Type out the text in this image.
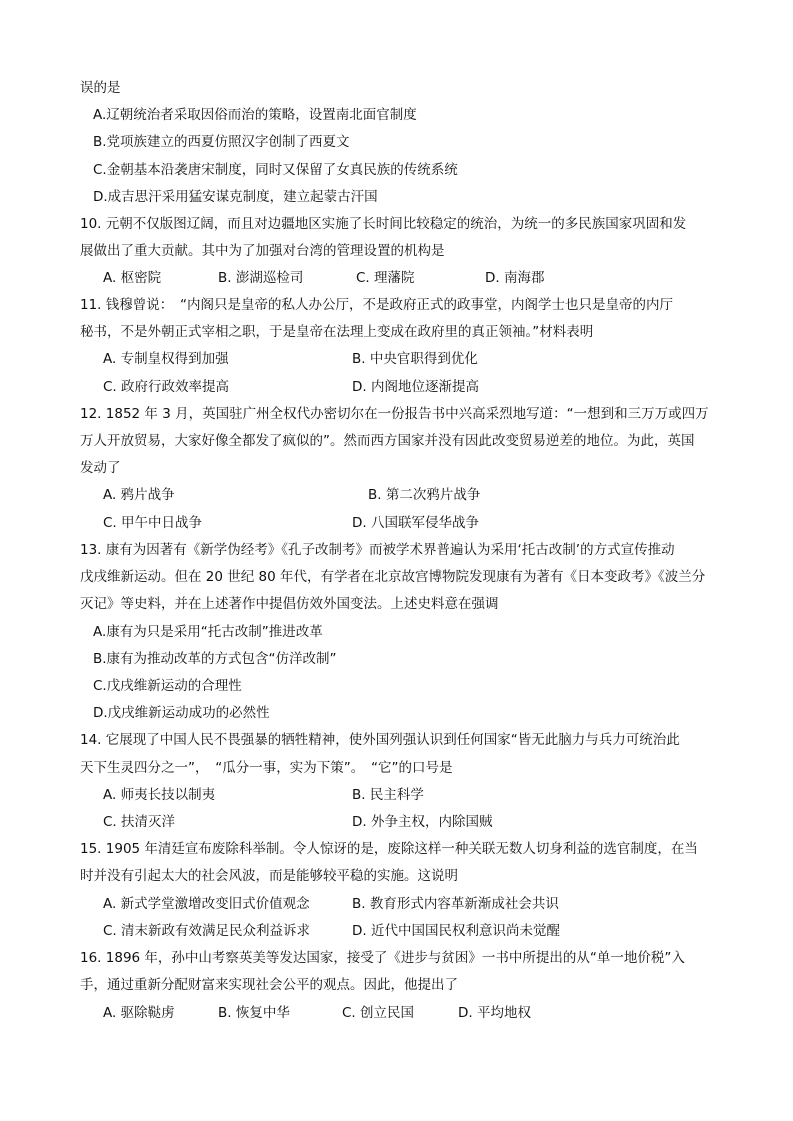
误的是
A.辽朝统治者采取因俗而治的策略，设置南北面官制度
B.党项族建立的西夏仿照汉字创制了西夏文
C.金朝基本沿袭唐宋制度，同时又保留了女真民族的传统系统
D.成吉思汗采用猛安谋克制度，建立起蒙古汗国
10. 元朝不仅版图辽阔，而且对边疆地区实施了长时间比较稳定的统治，为统一的多民族国家巩固和发
展做出了重大贡献。其中为了加强对台湾的管理设置的机构是
A. 枢密院	B. 澎湖巡检司	C. 理藩院	D. 南海郡
11. 钱穆曾说：　“内阁只是皇帝的私人办公厅，不是政府正式的政事堂，内阁学士也只是皇帝的内厅
秘书，不是外朝正式宰相之职，于是皇帝在法理上变成在政府里的真正领袖。”材料表明
A. 专制皇权得到加强	B. 中央官职得到优化
C. 政府行政效率提高	D. 内阁地位逐渐提高
12. 1852 年 3 月，英国驻广州全权代办密切尔在一份报告书中兴高采烈地写道：“一想到和三万万或四万
万人开放贸易，大家好像全都发了疯似的”。然而西方国家并没有因此改变贸易逆差的地位。为此，英国
发动了
A. 鸦片战争	B. 第二次鸦片战争
C. 甲午中日战争	D. 八国联军侵华战争
13. 康有为因著有《新学伪经考》《孔子改制考》而被学术界普遍认为采用‘托古改制’的方式宣传推动
戊戌维新运动。但在 20 世纪 80 年代，有学者在北京故宫博物院发现康有为著有《日本变政考》《波兰分
灭记》等史料，并在上述著作中提倡仿效外国变法。上述史料意在强调
A.康有为只是采用“托古改制”推进改革
B.康有为推动改革的方式包含“仿洋改制”
C.戊戌维新运动的合理性
D.戊戌维新运动成功的必然性
14. 它展现了中国人民不畏强暴的牺牲精神，使外国列强认识到任何国家“皆无此脑力与兵力可统治此
天下生灵四分之一”，　“瓜分一事，实为下策”。　“它”的口号是
A. 师夷长技以制夷	B. 民主科学
C. 扶清灭洋	D. 外争主权，内除国贼
15. 1905 年清廷宣布废除科举制。令人惊讶的是，废除这样一种关联无数人切身利益的选官制度，在当
时并没有引起太大的社会风波，而是能够较平稳的实施。这说明
A. 新式学堂激增改变旧式价值观念	B. 教育形式内容革新渐成社会共识
C. 清末新政有效满足民众利益诉求	D. 近代中国国民权利意识尚未觉醒
16. 1896 年，孙中山考察英美等发达国家，接受了《进步与贫困》一书中所提出的从“单一地价税”入
手，通过重新分配财富来实现社会公平的观点。因此，他提出了
A. 驱除鞑虏	B. 恢复中华	C. 创立民国	D. 平均地权
